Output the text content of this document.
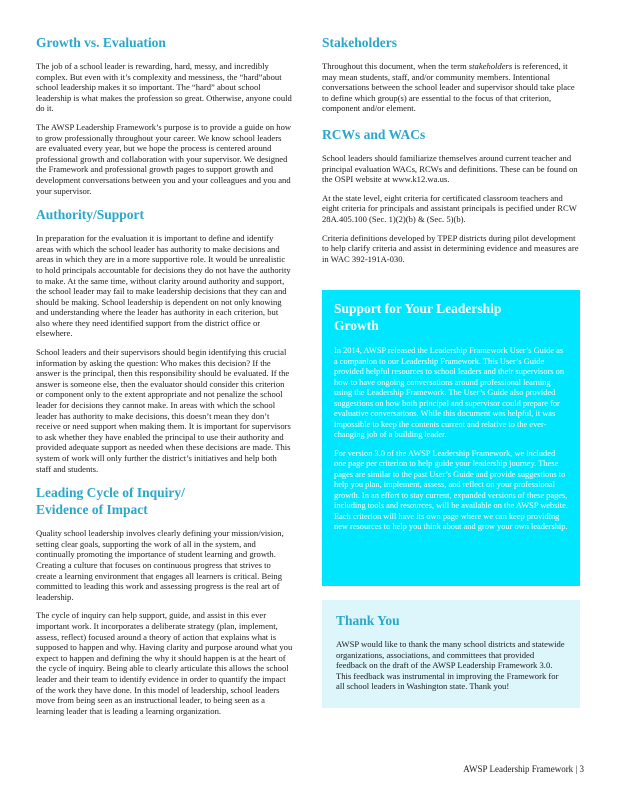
Growth vs. Evaluation

The job of a school leader is rewarding, hard, messy, and incredibly complex. But even with it’s complexity and messiness, the “hard”about school leadership makes it so important. The “hard” about school leadership is what makes the profession so great. Otherwise, anyone could do it.

The AWSP Leadership Framework’s purpose is to provide a guide on how to grow professionally throughout your career. We know school leaders are evaluated every year, but we hope the process is centered around professional growth and collaboration with your supervisor. We designed the Framework and professional growth pages to support growth and development conversations between you and your colleagues and you and your supervisor.

Authority/Support

In preparation for the evaluation it is important to define and identify areas with which the school leader has authority to make decisions and areas in which they are in a more supportive role. It would be unrealistic to hold principals accountable for decisions they do not have the authority to make. At the same time, without clarity around authority and support, the school leader may fail to make leadership decisions that they can and should be making. School leadership is dependent on not only knowing and understanding where the leader has authority in each criterion, but also where they need identified support from the district office or elsewhere.

School leaders and their supervisors should begin identifying this crucial information by asking the question: Who makes this decision? If the answer is the principal, then this responsibility should be evaluated. If the answer is someone else, then the evaluator should consider this criterion or component only to the extent appropriate and not penalize the school leader for decisions they cannot make. In areas with which the school leader has authority to make decisions, this doesn’t mean they don’t receive or need support when making them. It is important for supervisors to ask whether they have enabled the principal to use their authority and provided adequate support as needed when these decisions are made. This system of work will only further the district’s initiatives and help both staff and students.

Leading Cycle of Inquiry/
Evidence of Impact

Quality school leadership involves clearly defining your mission/vision, setting clear goals, supporting the work of all in the system, and continually promoting the importance of student learning and growth. Creating a culture that focuses on continuous progress that strives to create a learning environment that engages all learners is critical. Being committed to leading this work and assessing progress is the real art of leadership.

The cycle of inquiry can help support, guide, and assist in this ever important work. It incorporates a deliberate strategy (plan, implement, assess, reflect) focused around a theory of action that explains what is supposed to happen and why. Having clarity and purpose around what you expect to happen and defining the why it should happen is at the heart of the cycle of inquiry. Being able to clearly articulate this allows the school leader and their team to identify evidence in order to quantify the impact of the work they have done. In this model of leadership, school leaders move from being seen as an instructional leader, to being seen as a learning leader that is leading a learning organization.

Stakeholders

Throughout this document, when the term stakeholders is referenced, it may mean students, staff, and/or community members. Intentional conversations between the school leader and supervisor should take place to define which group(s) are essential to the focus of that criterion, component and/or element.

RCWs and WACs

School leaders should familiarize themselves around current teacher and principal evaluation WACs, RCWs and definitions. These can be found on the OSPI website at www.k12.wa.us.

At the state level, eight criteria for certificated classroom teachers and eight criteria for principals and assistant principals is pecified under RCW 28A.405.100 (Sec. 1)(2)(b) & (Sec. 5)(b).

Criteria definitions developed by TPEP districts during pilot development to help clarify criteria and assist in determining evidence and measures are in WAC 392-191A-030.

Support for Your Leadership
Growth

In 2014, AWSP released the Leadership Framework User’s Guide as a companion to our Leadership Framework. This User’s Guide provided helpful resources to school leaders and their supervisors on how to have ongoing conversations around professional learning using the Leadership Framework. The User’s Guide also provided suggestions on how both principal and supervisor could prepare for evaluative conversations. While this document was helpful, it was impossible to keep the contents current and relative to the ever-changing job of a building leader.

For version 3.0 of the AWSP Leadership Framework, we included one page per criterion to help guide your leadership journey. These pages are similar to the past User’s Guide and provide suggestions to help you plan, implement, assess, and reflect on your professional growth. In an effort to stay current, expanded versions of these pages, including tools and resources, will be available on the AWSP website. Each criterion will have its own page where we can keep providing new resources to help you think about and grow your own leadership.

Thank You

AWSP would like to thank the many school districts and statewide organizations, associations, and committees that provided feedback on the draft of the AWSP Leadership Framework 3.0. This feedback was instrumental in improving the Framework for all school leaders in Washington state. Thank you!

AWSP Leadership Framework | 3
